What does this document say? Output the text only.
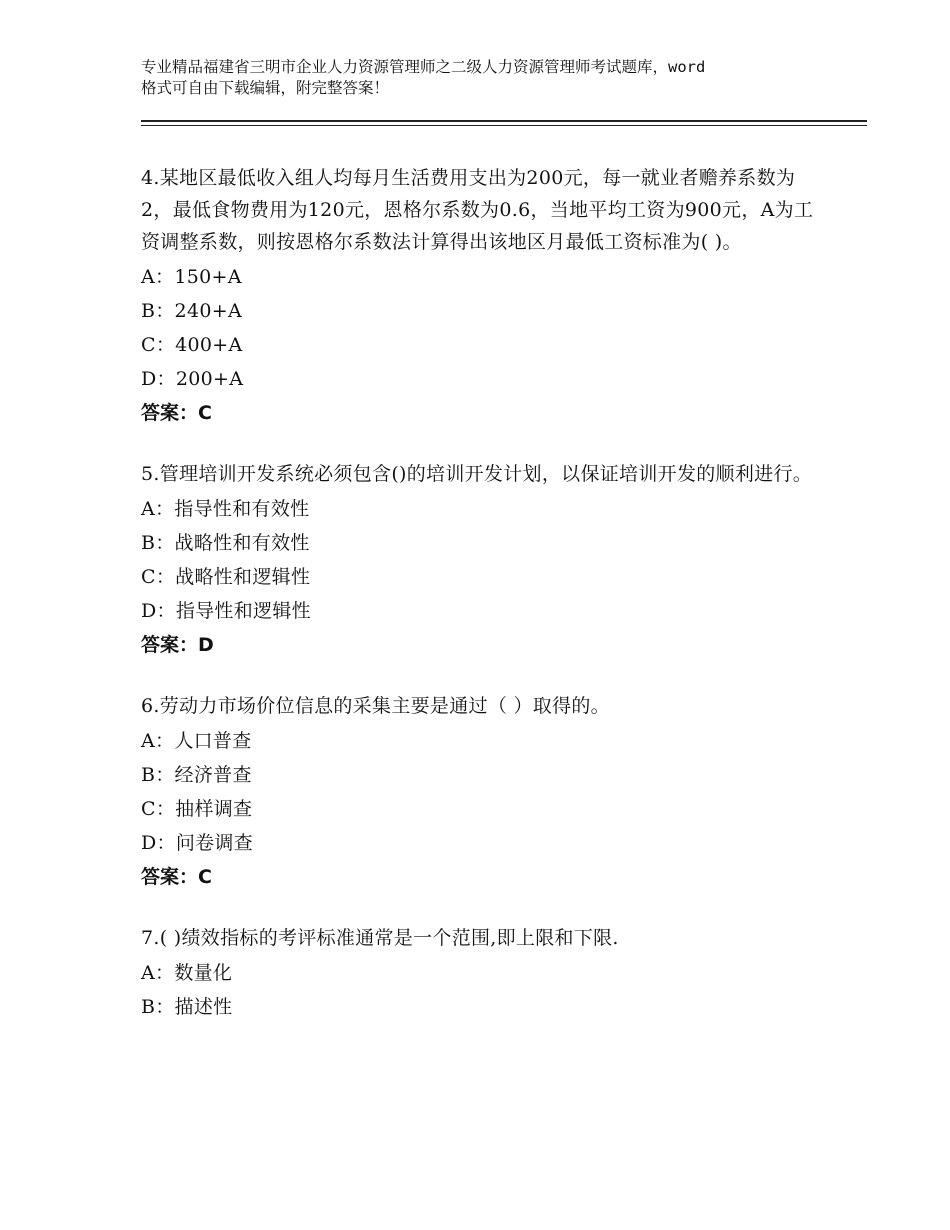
专业精品福建省三明市企业人力资源管理师之二级人力资源管理师考试题库，word
格式可自由下载编辑，附完整答案！
4.某地区最低收入组人均每月生活费用支出为200元，每一就业者赡养系数为2，最低食物费用为120元，恩格尔系数为0.6，当地平均工资为900元，A为工资调整系数，则按恩格尔系数法计算得出该地区月最低工资标准为( )。
A：150+A
B：240+A
C：400+A
D：200+A
答案：C
5.管理培训开发系统必须包含()的培训开发计划，以保证培训开发的顺利进行。
A：指导性和有效性
B：战略性和有效性
C：战略性和逻辑性
D：指导性和逻辑性
答案：D
6.劳动力市场价位信息的采集主要是通过（ ）取得的。
A：人口普查
B：经济普查
C：抽样调查
D：问卷调查
答案：C
7.( )绩效指标的考评标准通常是一个范围,即上限和下限.
A：数量化
B：描述性
